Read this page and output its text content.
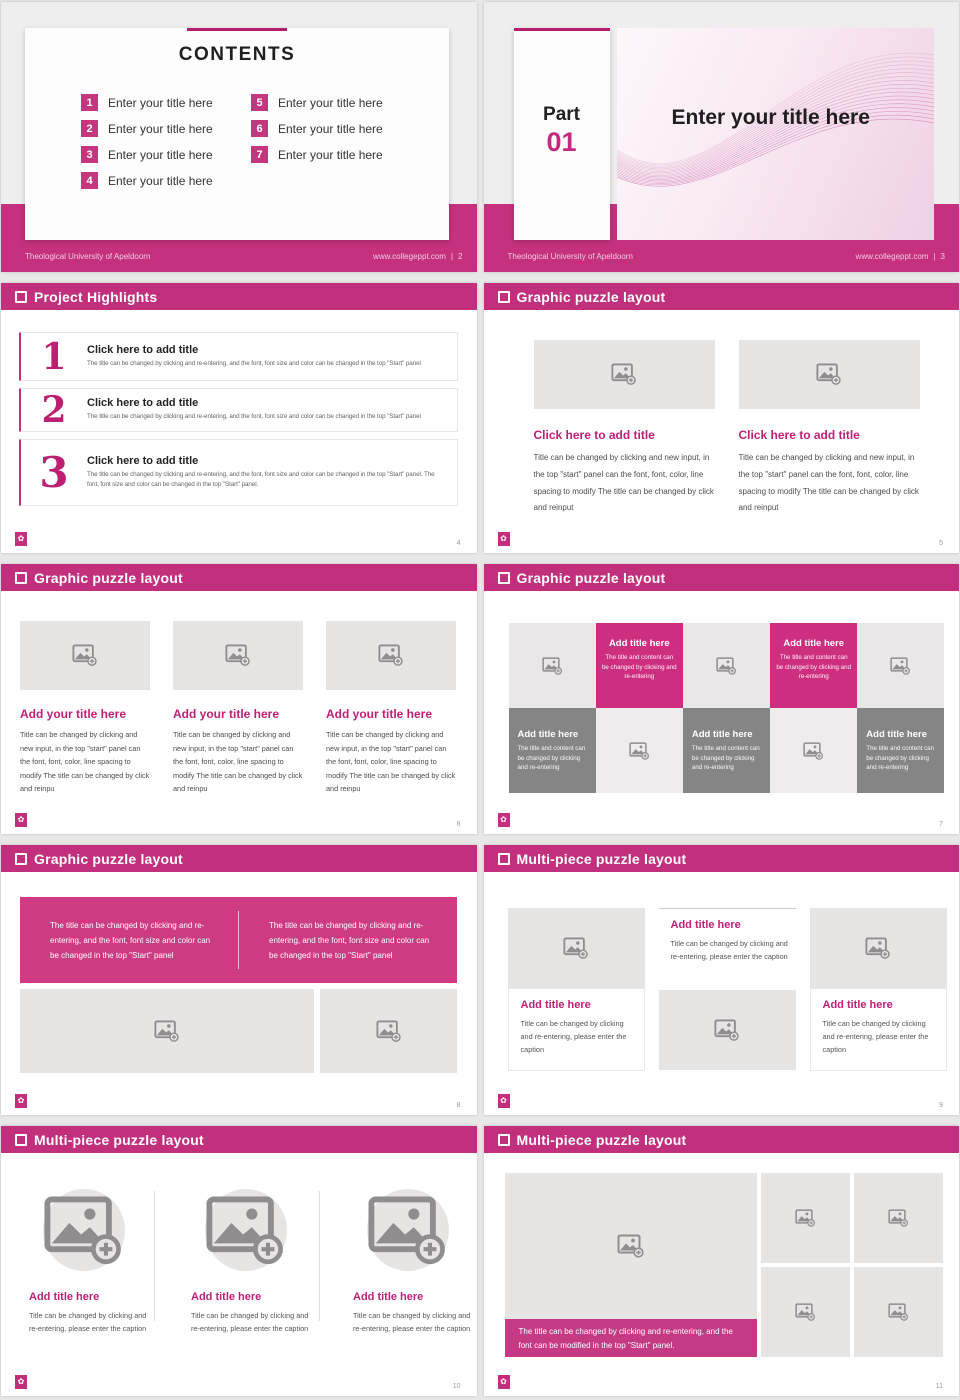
CONTENTS
1	Enter your title here
2	Enter your title here
3	Enter your title here
4	Enter your title here
5	Enter your title here
6	Enter your title here
7	Enter your title here
Theological University of Apeldoorn	www.collegeppt.com | 2
Enter your title here
Part
01
Theological University of Apeldoorn	www.collegeppt.com | 3
Project Highlights
1	Click here to add title

The title can be changed by clicking and re-entering, and the font, font size and color can be changed in the top "Start" panel

2	Click here to add title

The title can be changed by clicking and re-entering, and the font, font size and color can be changed in the top "Start" panel

3	Click here to add title

The title can be changed by clicking and re-entering, and the font, font size and color can be changed in the top "Start" panel. The font, font size and color can be changed in the top "Start" panel.

✿
4
Graphic puzzle layout

Click here to add title

Title can be changed by clicking and new input, in the top "start" panel can the font, font, color, line spacing to modify The title can be changed by click and reinput

Click here to add title

Title can be changed by clicking and new input, in the top "start" panel can the font, font, color, line spacing to modify The title can be changed by click and reinput

✿
5
Graphic puzzle layout

Add your title here

Title can be changed by clicking and new input, in the top "start" panel can the font, font, color, line spacing to modify The title can be changed by click and reinpu

Add your title here

Title can be changed by clicking and new input, in the top "start" panel can the font, font, color, line spacing to modify The title can be changed by click and reinpu

Add your title here

Title can be changed by clicking and new input, in the top "start" panel can the font, font, color, line spacing to modify The title can be changed by click and reinpu

✿
6
Graphic puzzle layout

Add title here

The title and content can be changed by clicking and re-entering

Add title here

The title and content can be changed by clicking and re-entering

Add title here

The title and content can be changed by clicking and re-entering

Add title here

The title and content can be changed by clicking and re-entering

Add title here

The title and content can be changed by clicking and re-entering

✿
7
Graphic puzzle layout
The title can be changed by clicking and re-entering, and the font, font size and color can be changed in the top "Start" panel
The title can be changed by clicking and re-entering, and the font, font size and color can be changed in the top "Start" panel
✿
8
Multi-piece puzzle layout

Add title here

Title can be changed by clicking and re-entering, please enter the caption

Add title here

Title can be changed by clicking and re-entering, please enter the caption

Add title here

Title can be changed by clicking and re-entering, please enter the caption

✿
9
Multi-piece puzzle layout

Add title here

Title can be changed by clicking and re-entering, please enter the caption

Add title here

Title can be changed by clicking and re-entering, please enter the caption

Add title here

Title can be changed by clicking and re-entering, please enter the caption

✿
10
Multi-piece puzzle layout
The title can be changed by clicking and re-entering, and the font can be modified in the top "Start" panel.
✿
11
